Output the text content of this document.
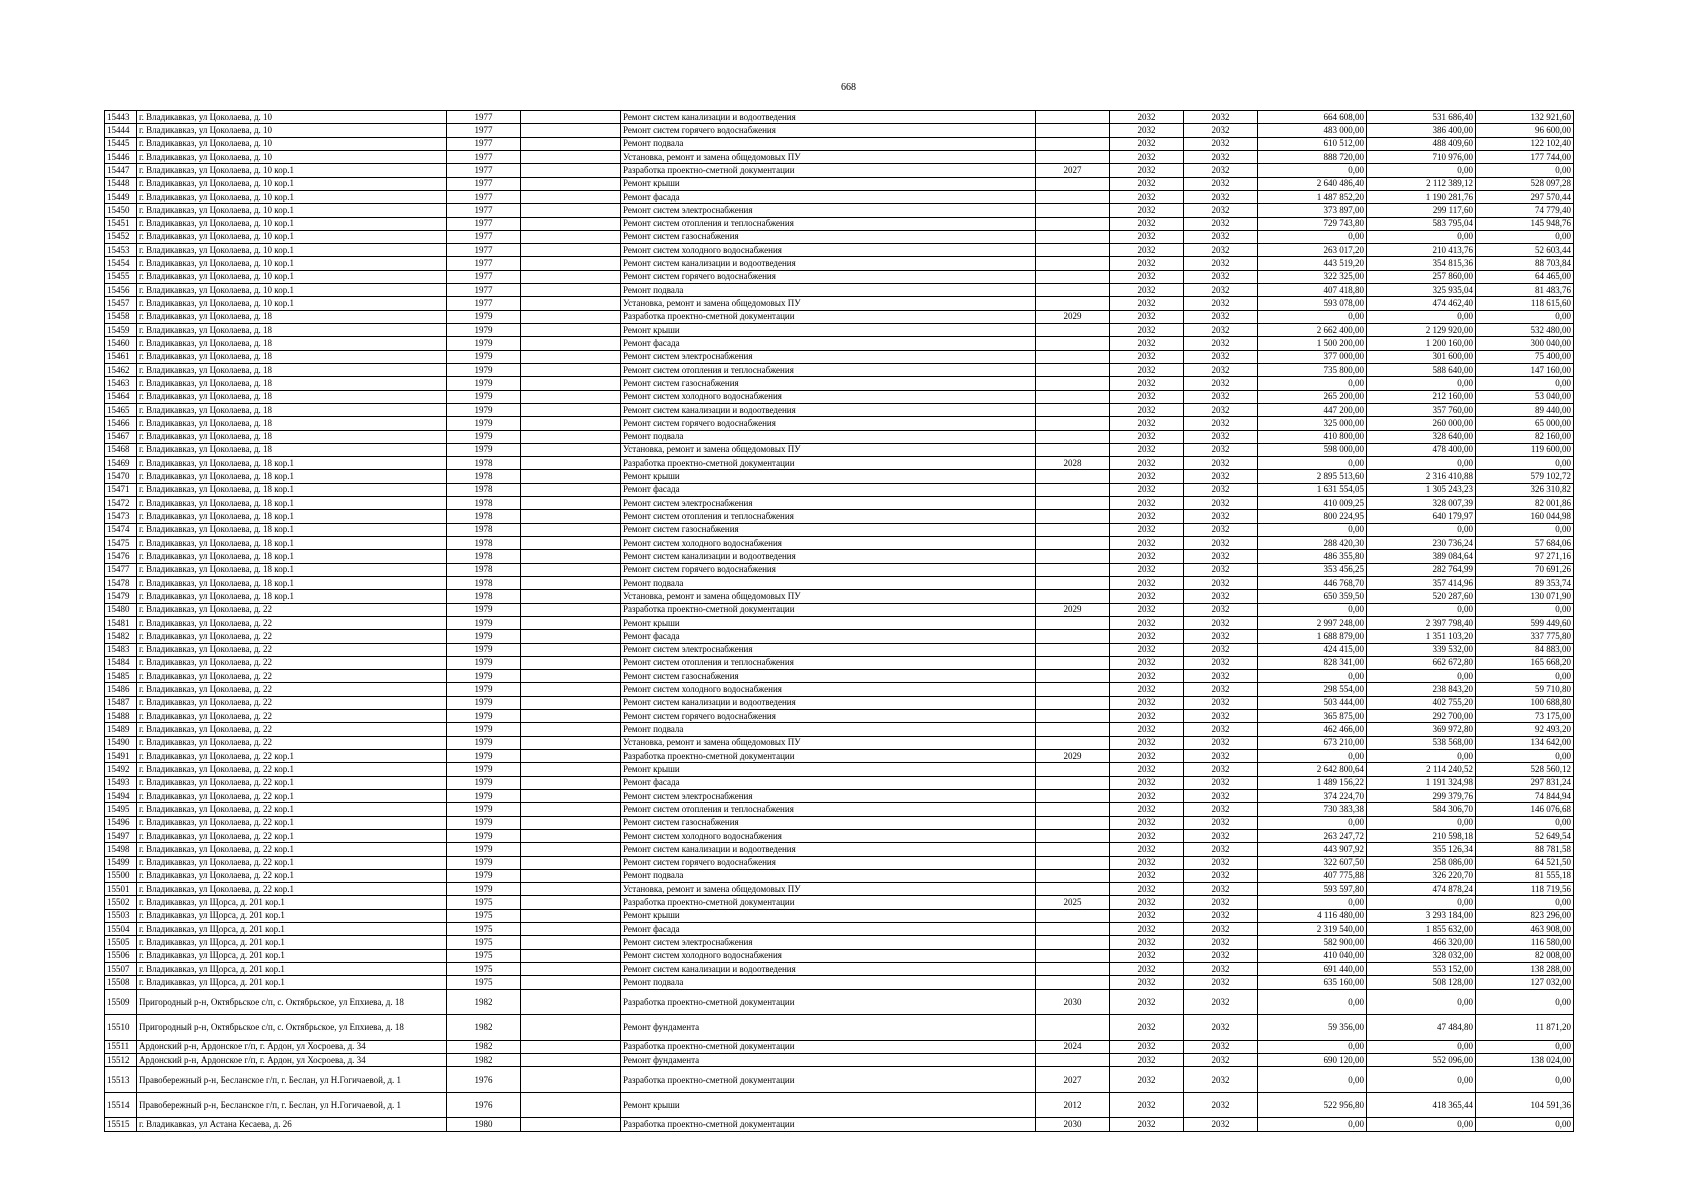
668
15443	г. Владикавказ, ул Цоколаева, д. 10	1977		Ремонт систем канализации и водоотведения		2032	2032	664 608,00	531 686,40	132 921,60
15444	г. Владикавказ, ул Цоколаева, д. 10	1977		Ремонт систем горячего водоснабжения		2032	2032	483 000,00	386 400,00	96 600,00
15445	г. Владикавказ, ул Цоколаева, д. 10	1977		Ремонт подвала		2032	2032	610 512,00	488 409,60	122 102,40
15446	г. Владикавказ, ул Цоколаева, д. 10	1977		Установка, ремонт и замена общедомовых ПУ		2032	2032	888 720,00	710 976,00	177 744,00
15447	г. Владикавказ, ул Цоколаева, д. 10 кор.1	1977		Разработка проектно-сметной документации	2027	2032	2032	0,00	0,00	0,00
15448	г. Владикавказ, ул Цоколаева, д. 10 кор.1	1977		Ремонт крыши		2032	2032	2 640 486,40	2 112 389,12	528 097,28
15449	г. Владикавказ, ул Цоколаева, д. 10 кор.1	1977		Ремонт фасада		2032	2032	1 487 852,20	1 190 281,76	297 570,44
15450	г. Владикавказ, ул Цоколаева, д. 10 кор.1	1977		Ремонт систем электроснабжения		2032	2032	373 897,00	299 117,60	74 779,40
15451	г. Владикавказ, ул Цоколаева, д. 10 кор.1	1977		Ремонт систем отопления и теплоснабжения		2032	2032	729 743,80	583 795,04	145 948,76
15452	г. Владикавказ, ул Цоколаева, д. 10 кор.1	1977		Ремонт систем газоснабжения		2032	2032	0,00	0,00	0,00
15453	г. Владикавказ, ул Цоколаева, д. 10 кор.1	1977		Ремонт систем холодного водоснабжения		2032	2032	263 017,20	210 413,76	52 603,44
15454	г. Владикавказ, ул Цоколаева, д. 10 кор.1	1977		Ремонт систем канализации и водоотведения		2032	2032	443 519,20	354 815,36	88 703,84
15455	г. Владикавказ, ул Цоколаева, д. 10 кор.1	1977		Ремонт систем горячего водоснабжения		2032	2032	322 325,00	257 860,00	64 465,00
15456	г. Владикавказ, ул Цоколаева, д. 10 кор.1	1977		Ремонт подвала		2032	2032	407 418,80	325 935,04	81 483,76
15457	г. Владикавказ, ул Цоколаева, д. 10 кор.1	1977		Установка, ремонт и замена общедомовых ПУ		2032	2032	593 078,00	474 462,40	118 615,60
15458	г. Владикавказ, ул Цоколаева, д. 18	1979		Разработка проектно-сметной документации	2029	2032	2032	0,00	0,00	0,00
15459	г. Владикавказ, ул Цоколаева, д. 18	1979		Ремонт крыши		2032	2032	2 662 400,00	2 129 920,00	532 480,00
15460	г. Владикавказ, ул Цоколаева, д. 18	1979		Ремонт фасада		2032	2032	1 500 200,00	1 200 160,00	300 040,00
15461	г. Владикавказ, ул Цоколаева, д. 18	1979		Ремонт систем электроснабжения		2032	2032	377 000,00	301 600,00	75 400,00
15462	г. Владикавказ, ул Цоколаева, д. 18	1979		Ремонт систем отопления и теплоснабжения		2032	2032	735 800,00	588 640,00	147 160,00
15463	г. Владикавказ, ул Цоколаева, д. 18	1979		Ремонт систем газоснабжения		2032	2032	0,00	0,00	0,00
15464	г. Владикавказ, ул Цоколаева, д. 18	1979		Ремонт систем холодного водоснабжения		2032	2032	265 200,00	212 160,00	53 040,00
15465	г. Владикавказ, ул Цоколаева, д. 18	1979		Ремонт систем канализации и водоотведения		2032	2032	447 200,00	357 760,00	89 440,00
15466	г. Владикавказ, ул Цоколаева, д. 18	1979		Ремонт систем горячего водоснабжения		2032	2032	325 000,00	260 000,00	65 000,00
15467	г. Владикавказ, ул Цоколаева, д. 18	1979		Ремонт подвала		2032	2032	410 800,00	328 640,00	82 160,00
15468	г. Владикавказ, ул Цоколаева, д. 18	1979		Установка, ремонт и замена общедомовых ПУ		2032	2032	598 000,00	478 400,00	119 600,00
15469	г. Владикавказ, ул Цоколаева, д. 18 кор.1	1978		Разработка проектно-сметной документации	2028	2032	2032	0,00	0,00	0,00
15470	г. Владикавказ, ул Цоколаева, д. 18 кор.1	1978		Ремонт крыши		2032	2032	2 895 513,60	2 316 410,88	579 102,72
15471	г. Владикавказ, ул Цоколаева, д. 18 кор.1	1978		Ремонт фасада		2032	2032	1 631 554,05	1 305 243,23	326 310,82
15472	г. Владикавказ, ул Цоколаева, д. 18 кор.1	1978		Ремонт систем электроснабжения		2032	2032	410 009,25	328 007,39	82 001,86
15473	г. Владикавказ, ул Цоколаева, д. 18 кор.1	1978		Ремонт систем отопления и теплоснабжения		2032	2032	800 224,95	640 179,97	160 044,98
15474	г. Владикавказ, ул Цоколаева, д. 18 кор.1	1978		Ремонт систем газоснабжения		2032	2032	0,00	0,00	0,00
15475	г. Владикавказ, ул Цоколаева, д. 18 кор.1	1978		Ремонт систем холодного водоснабжения		2032	2032	288 420,30	230 736,24	57 684,06
15476	г. Владикавказ, ул Цоколаева, д. 18 кор.1	1978		Ремонт систем канализации и водоотведения		2032	2032	486 355,80	389 084,64	97 271,16
15477	г. Владикавказ, ул Цоколаева, д. 18 кор.1	1978		Ремонт систем горячего водоснабжения		2032	2032	353 456,25	282 764,99	70 691,26
15478	г. Владикавказ, ул Цоколаева, д. 18 кор.1	1978		Ремонт подвала		2032	2032	446 768,70	357 414,96	89 353,74
15479	г. Владикавказ, ул Цоколаева, д. 18 кор.1	1978		Установка, ремонт и замена общедомовых ПУ		2032	2032	650 359,50	520 287,60	130 071,90
15480	г. Владикавказ, ул Цоколаева, д. 22	1979		Разработка проектно-сметной документации	2029	2032	2032	0,00	0,00	0,00
15481	г. Владикавказ, ул Цоколаева, д. 22	1979		Ремонт крыши		2032	2032	2 997 248,00	2 397 798,40	599 449,60
15482	г. Владикавказ, ул Цоколаева, д. 22	1979		Ремонт фасада		2032	2032	1 688 879,00	1 351 103,20	337 775,80
15483	г. Владикавказ, ул Цоколаева, д. 22	1979		Ремонт систем электроснабжения		2032	2032	424 415,00	339 532,00	84 883,00
15484	г. Владикавказ, ул Цоколаева, д. 22	1979		Ремонт систем отопления и теплоснабжения		2032	2032	828 341,00	662 672,80	165 668,20
15485	г. Владикавказ, ул Цоколаева, д. 22	1979		Ремонт систем газоснабжения		2032	2032	0,00	0,00	0,00
15486	г. Владикавказ, ул Цоколаева, д. 22	1979		Ремонт систем холодного водоснабжения		2032	2032	298 554,00	238 843,20	59 710,80
15487	г. Владикавказ, ул Цоколаева, д. 22	1979		Ремонт систем канализации и водоотведения		2032	2032	503 444,00	402 755,20	100 688,80
15488	г. Владикавказ, ул Цоколаева, д. 22	1979		Ремонт систем горячего водоснабжения		2032	2032	365 875,00	292 700,00	73 175,00
15489	г. Владикавказ, ул Цоколаева, д. 22	1979		Ремонт подвала		2032	2032	462 466,00	369 972,80	92 493,20
15490	г. Владикавказ, ул Цоколаева, д. 22	1979		Установка, ремонт и замена общедомовых ПУ		2032	2032	673 210,00	538 568,00	134 642,00
15491	г. Владикавказ, ул Цоколаева, д. 22 кор.1	1979		Разработка проектно-сметной документации	2029	2032	2032	0,00	0,00	0,00
15492	г. Владикавказ, ул Цоколаева, д. 22 кор.1	1979		Ремонт крыши		2032	2032	2 642 800,64	2 114 240,52	528 560,12
15493	г. Владикавказ, ул Цоколаева, д. 22 кор.1	1979		Ремонт фасада		2032	2032	1 489 156,22	1 191 324,98	297 831,24
15494	г. Владикавказ, ул Цоколаева, д. 22 кор.1	1979		Ремонт систем электроснабжения		2032	2032	374 224,70	299 379,76	74 844,94
15495	г. Владикавказ, ул Цоколаева, д. 22 кор.1	1979		Ремонт систем отопления и теплоснабжения		2032	2032	730 383,38	584 306,70	146 076,68
15496	г. Владикавказ, ул Цоколаева, д. 22 кор.1	1979		Ремонт систем газоснабжения		2032	2032	0,00	0,00	0,00
15497	г. Владикавказ, ул Цоколаева, д. 22 кор.1	1979		Ремонт систем холодного водоснабжения		2032	2032	263 247,72	210 598,18	52 649,54
15498	г. Владикавказ, ул Цоколаева, д. 22 кор.1	1979		Ремонт систем канализации и водоотведения		2032	2032	443 907,92	355 126,34	88 781,58
15499	г. Владикавказ, ул Цоколаева, д. 22 кор.1	1979		Ремонт систем горячего водоснабжения		2032	2032	322 607,50	258 086,00	64 521,50
15500	г. Владикавказ, ул Цоколаева, д. 22 кор.1	1979		Ремонт подвала		2032	2032	407 775,88	326 220,70	81 555,18
15501	г. Владикавказ, ул Цоколаева, д. 22 кор.1	1979		Установка, ремонт и замена общедомовых ПУ		2032	2032	593 597,80	474 878,24	118 719,56
15502	г. Владикавказ, ул Щорса, д. 201 кор.1	1975		Разработка проектно-сметной документации	2025	2032	2032	0,00	0,00	0,00
15503	г. Владикавказ, ул Щорса, д. 201 кор.1	1975		Ремонт крыши		2032	2032	4 116 480,00	3 293 184,00	823 296,00
15504	г. Владикавказ, ул Щорса, д. 201 кор.1	1975		Ремонт фасада		2032	2032	2 319 540,00	1 855 632,00	463 908,00
15505	г. Владикавказ, ул Щорса, д. 201 кор.1	1975		Ремонт систем электроснабжения		2032	2032	582 900,00	466 320,00	116 580,00
15506	г. Владикавказ, ул Щорса, д. 201 кор.1	1975		Ремонт систем холодного водоснабжения		2032	2032	410 040,00	328 032,00	82 008,00
15507	г. Владикавказ, ул Щорса, д. 201 кор.1	1975		Ремонт систем канализации и водоотведения		2032	2032	691 440,00	553 152,00	138 288,00
15508	г. Владикавказ, ул Щорса, д. 201 кор.1	1975		Ремонт подвала		2032	2032	635 160,00	508 128,00	127 032,00
15509	Пригородный р-н, Октябрьское с/п, с. Октябрьское, ул Епхиева, д. 18	1982		Разработка проектно-сметной документации	2030	2032	2032	0,00	0,00	0,00
15510	Пригородный р-н, Октябрьское с/п, с. Октябрьское, ул Епхиева, д. 18	1982		Ремонт фундамента		2032	2032	59 356,00	47 484,80	11 871,20
15511	Ардонский р-н, Ардонское г/п, г. Ардон, ул Хосроева, д. 34	1982		Разработка проектно-сметной документации	2024	2032	2032	0,00	0,00	0,00
15512	Ардонский р-н, Ардонское г/п, г. Ардон, ул Хосроева, д. 34	1982		Ремонт фундамента		2032	2032	690 120,00	552 096,00	138 024,00
15513	Правобережный р-н, Бесланское г/п, г. Беслан, ул Н.Гогичаевой, д. 1	1976		Разработка проектно-сметной документации	2027	2032	2032	0,00	0,00	0,00
15514	Правобережный р-н, Бесланское г/п, г. Беслан, ул Н.Гогичаевой, д. 1	1976		Ремонт крыши	2012	2032	2032	522 956,80	418 365,44	104 591,36
15515	г. Владикавказ, ул Астана Кесаева, д. 26	1980		Разработка проектно-сметной документации	2030	2032	2032	0,00	0,00	0,00
